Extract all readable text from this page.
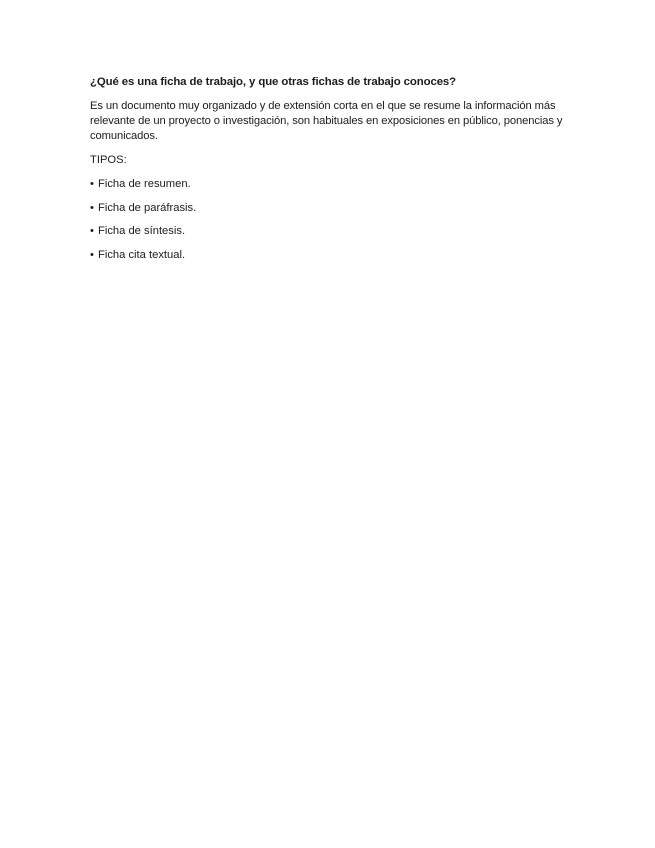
¿Qué es una ficha de trabajo, y que otras fichas de trabajo conoces?

Es un documento muy organizado y de extensión corta en el que se resume la información más relevante de un proyecto o investigación, son habituales en exposiciones en público, ponencias y comunicados.

TIPOS:

• Ficha de resumen.
• Ficha de paráfrasis.
• Ficha de síntesis.
• Ficha cita textual.
